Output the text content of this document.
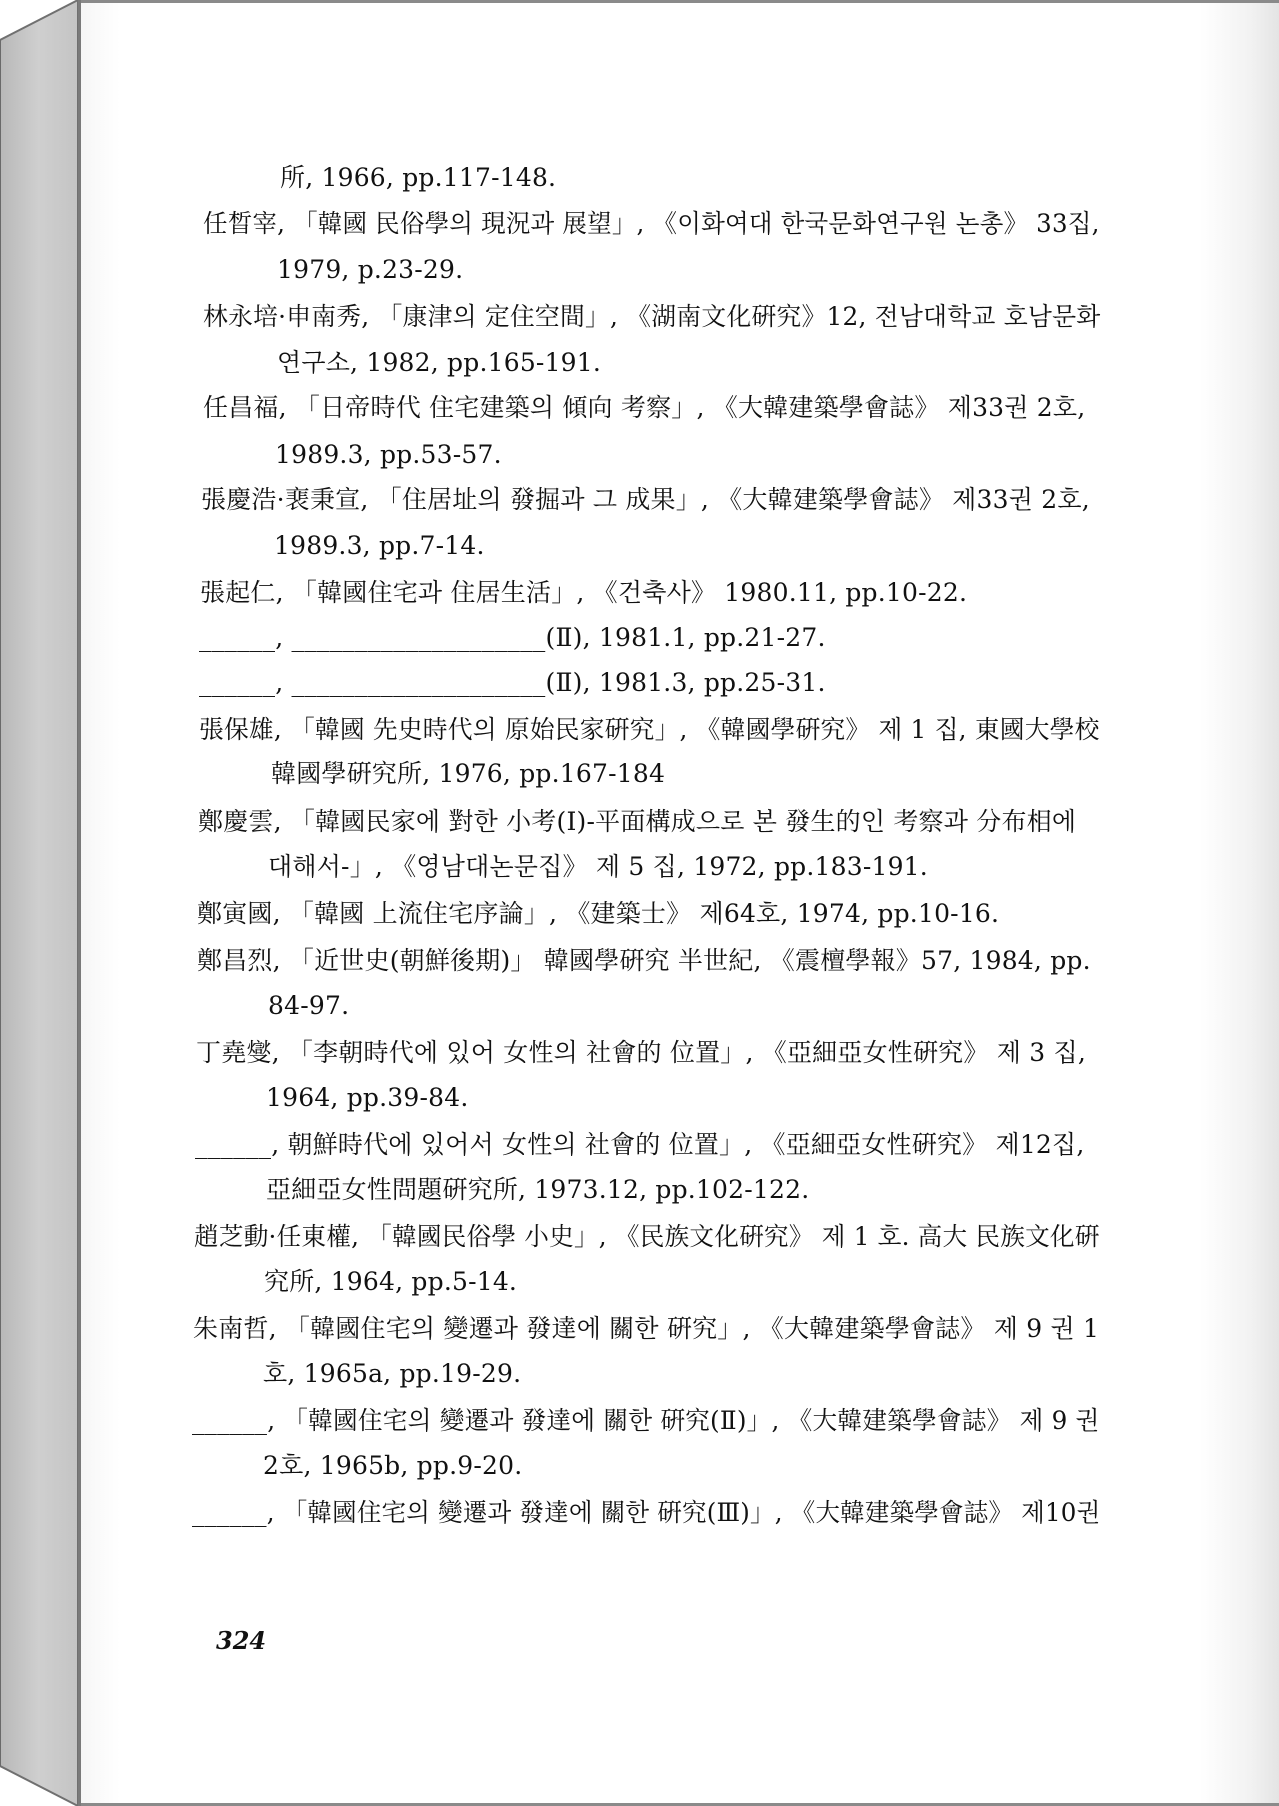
所, 1966, pp.117-148.
任晳宰, 「韓國 民俗學의 現況과 展望」, 《이화여대 한국문화연구원 논총》 33집,
1979, p.23-29.
林永培·申南秀, 「康津의 定住空間」, 《湖南文化硏究》12, 전남대학교 호남문화
연구소, 1982, pp.165-191.
任昌福, 「日帝時代 住宅建築의 傾向 考察」, 《大韓建築學會誌》 제33권 2호,
1989.3, pp.53-57.
張慶浩·裵秉宣, 「住居址의 發掘과 그 成果」, 《大韓建築學會誌》 제33권 2호,
1989.3, pp.7-14.
張起仁, 「韓國住宅과 住居生活」, 《건축사》 1980.11, pp.10-22.
______, ____________________(Ⅱ), 1981.1, pp.21-27.
______, ____________________(Ⅱ), 1981.3, pp.25-31.
張保雄, 「韓國 先史時代의 原始民家硏究」, 《韓國學硏究》 제 1 집, 東國大學校
韓國學硏究所, 1976, pp.167-184
鄭慶雲, 「韓國民家에 對한 小考(I)-平面構成으로 본 發生的인 考察과 分布相에
대해서-」, 《영남대논문집》 제 5 집, 1972, pp.183-191.
鄭寅國, 「韓國 上流住宅序論」, 《建築士》 제64호, 1974, pp.10-16.
鄭昌烈, 「近世史(朝鮮後期)」 韓國學硏究 半世紀, 《震檀學報》57, 1984, pp.
84-97.
丁堯燮, 「李朝時代에 있어 女性의 社會的 位置」, 《亞細亞女性硏究》 제 3 집,
1964, pp.39-84.
______, 朝鮮時代에 있어서 女性의 社會的 位置」, 《亞細亞女性硏究》 제12집,
亞細亞女性問題硏究所, 1973.12, pp.102-122.
趙芝動·任東權, 「韓國民俗學 小史」, 《民族文化硏究》 제 1 호. 高大 民族文化硏
究所, 1964, pp.5-14.
朱南哲, 「韓國住宅의 變遷과 發達에 關한 硏究」, 《大韓建築學會誌》 제 9 권 1
호, 1965a, pp.19-29.
______, 「韓國住宅의 變遷과 發達에 關한 硏究(Ⅱ)」, 《大韓建築學會誌》 제 9 권
2호, 1965b, pp.9-20.
______, 「韓國住宅의 變遷과 發達에 關한 硏究(Ⅲ)」, 《大韓建築學會誌》 제10권
324
